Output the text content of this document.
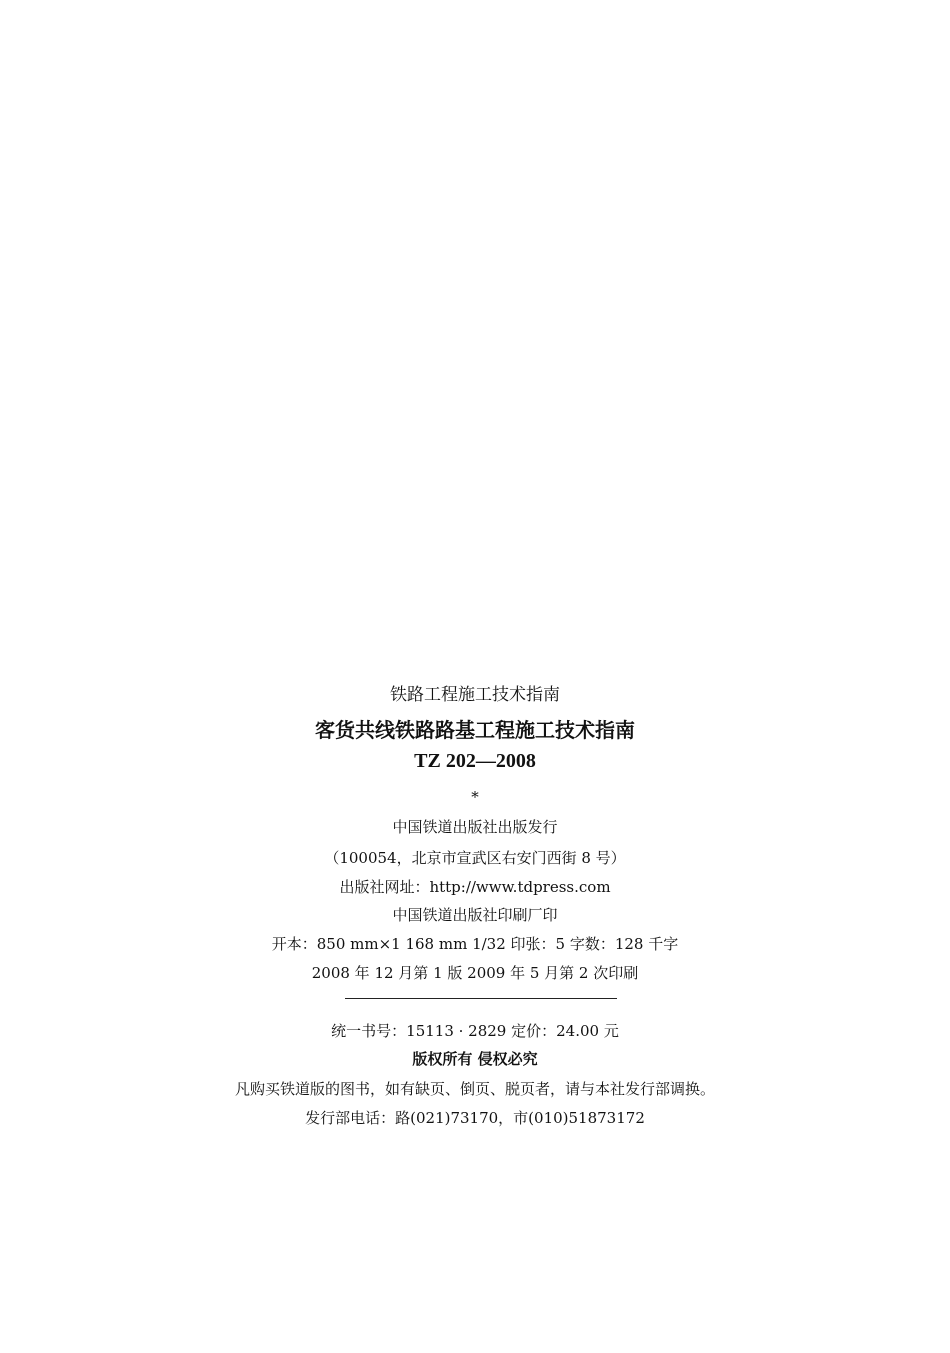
铁路工程施工技术指南
客货共线铁路路基工程施工技术指南
TZ 202—2008
*
中国铁道出版社出版发行
（100054，北京市宣武区右安门西街 8 号）
出版社网址：http://www.tdpress.com
中国铁道出版社印刷厂印
开本：850 mm×1 168 mm 1/32 印张：5 字数：128 千字
2008 年 12 月第 1 版 2009 年 5 月第 2 次印刷
统一书号：15113 · 2829 定价：24.00 元
版权所有 侵权必究
凡购买铁道版的图书，如有缺页、倒页、脱页者，请与本社发行部调换。
发行部电话：路(021)73170，市(010)51873172
